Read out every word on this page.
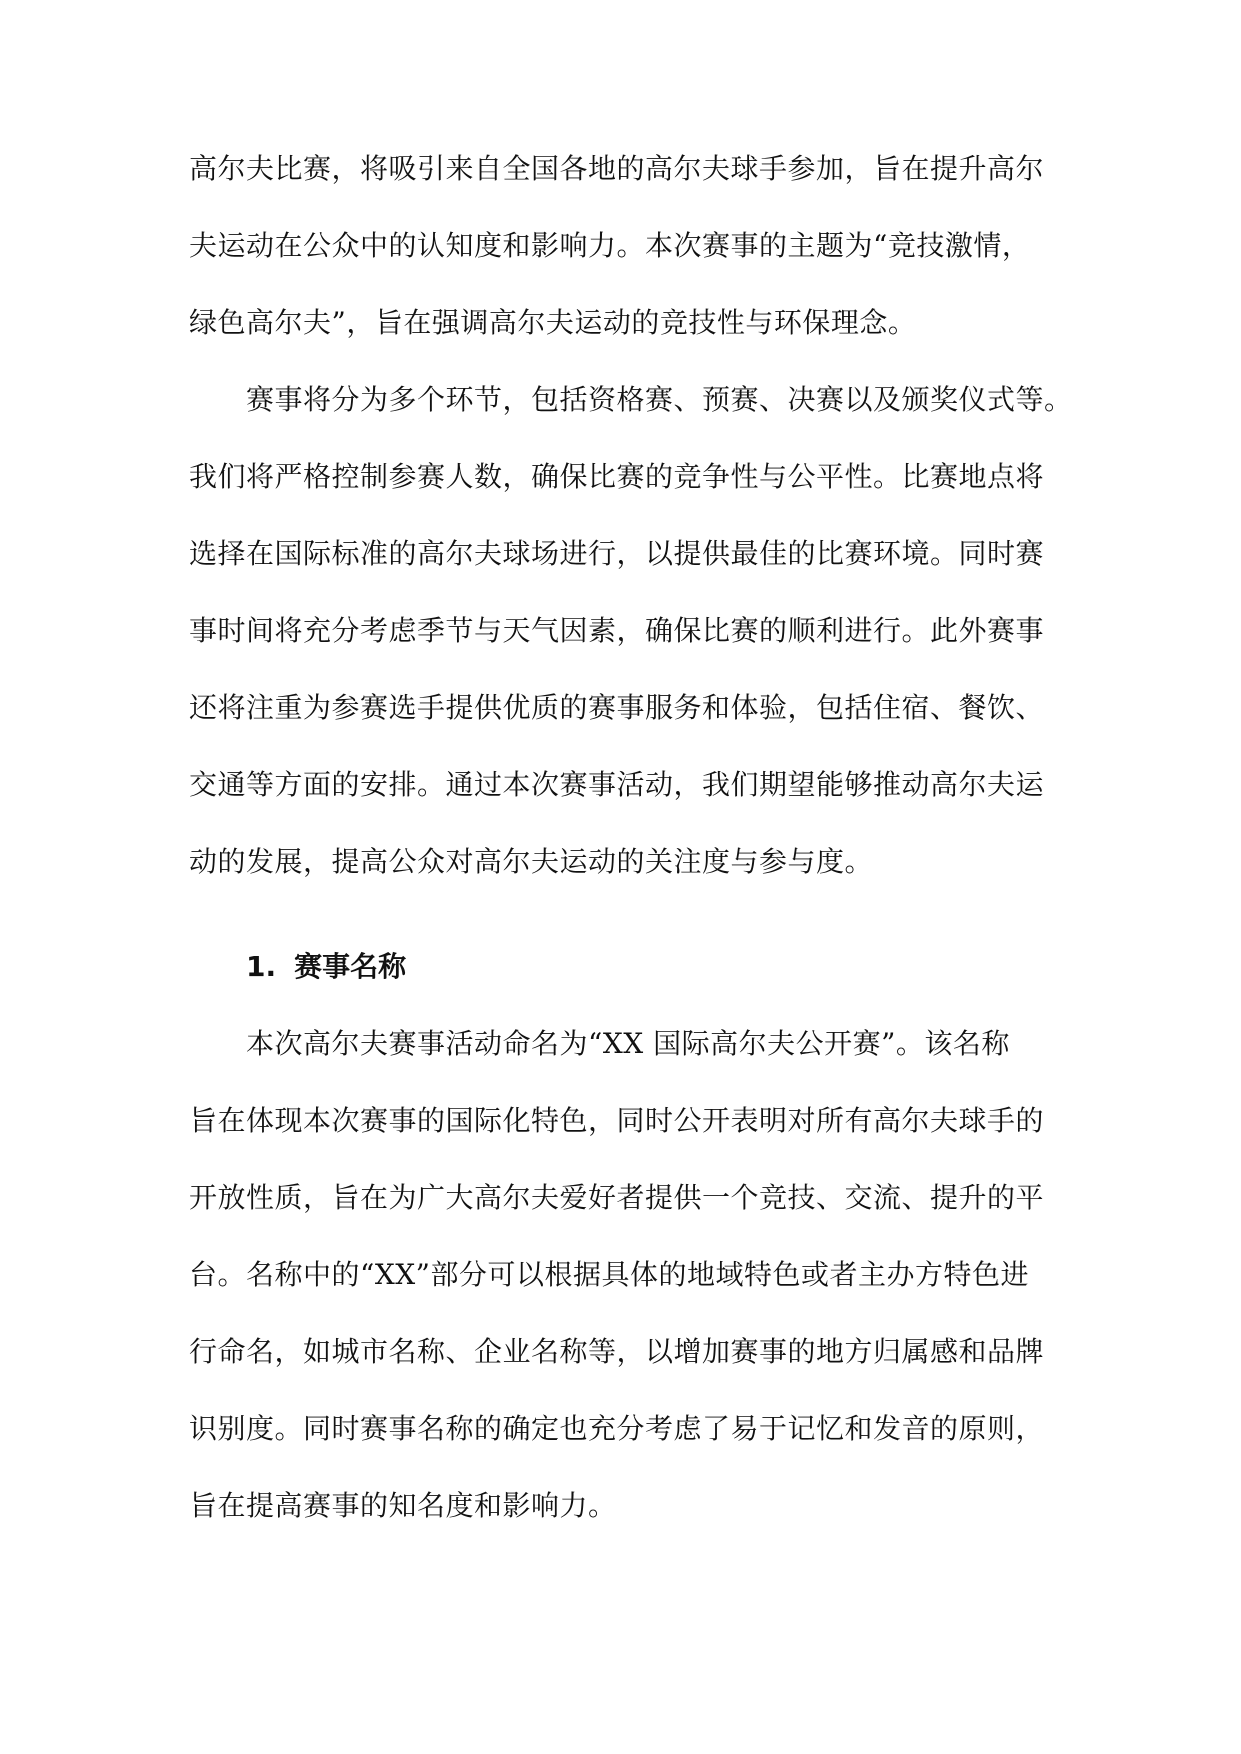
高尔夫比赛，将吸引来自全国各地的高尔夫球手参加，旨在提升高尔
夫运动在公众中的认知度和影响力。本次赛事的主题为“竞技激情，
绿色高尔夫”，旨在强调高尔夫运动的竞技性与环保理念。
赛事将分为多个环节，包括资格赛、预赛、决赛以及颁奖仪式等。
我们将严格控制参赛人数，确保比赛的竞争性与公平性。比赛地点将
选择在国际标准的高尔夫球场进行，以提供最佳的比赛环境。同时赛
事时间将充分考虑季节与天气因素，确保比赛的顺利进行。此外赛事
还将注重为参赛选手提供优质的赛事服务和体验，包括住宿、餐饮、
交通等方面的安排。通过本次赛事活动，我们期望能够推动高尔夫运
动的发展，提高公众对高尔夫运动的关注度与参与度。
1. 赛事名称
本次高尔夫赛事活动命名为“XX 国际高尔夫公开赛”。该名称
旨在体现本次赛事的国际化特色，同时公开表明对所有高尔夫球手的
开放性质，旨在为广大高尔夫爱好者提供一个竞技、交流、提升的平
台。名称中的“XX”部分可以根据具体的地域特色或者主办方特色进
行命名，如城市名称、企业名称等，以增加赛事的地方归属感和品牌
识别度。同时赛事名称的确定也充分考虑了易于记忆和发音的原则，
旨在提高赛事的知名度和影响力。
